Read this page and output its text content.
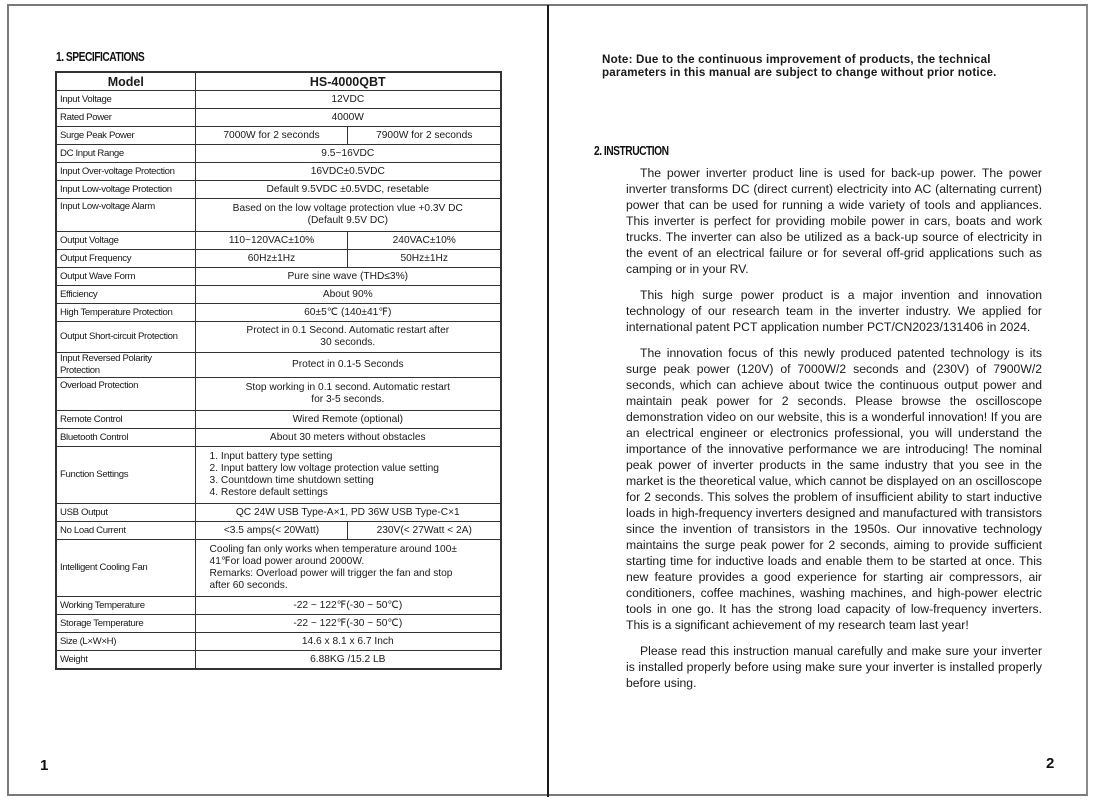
1. SPECIFICATIONS
Model	HS-4000QBT	
Input Voltage	12VDC	

Rated Power	4000W	

Surge Peak Power	7000W for 2 seconds	7900W for 2 seconds
DC Input Range	9.5~16VDC	

Input Over-voltage Protection	16VDC±0.5VDC	

Input Low-voltage Protection	Default 9.5VDC ±0.5VDC, resetable	

Input Low-voltage Alarm	Based on the low voltage protection vlue +0.3V DC
(Default 9.5V DC)	

Output Voltage	110~120VAC±10%	240VAC±10%
Output Frequency	60Hz±1Hz	50Hz±1Hz
Output Wave Form	Pure sine wave (THD≤3%)	

Efficiency	About 90%	

High Temperature Protection	60±5℃ (140±41℉)	

Output Short-circuit Protection	Protect in 0.1 Second. Automatic restart after
30 seconds.	

Input Reversed Polarity Protection	Protect in 0.1-5 Seconds	

Overload Protection	Stop working in 0.1 second. Automatic restart
for 3-5 seconds.	

Remote Control	Wired Remote (optional)	

Bluetooth Control	About 30 meters without obstacles	

Function Settings	1. Input battery type setting
2. Input battery low voltage protection value setting
3. Countdown time shutdown setting
4. Restore default settings	

USB Output	QC 24W USB Type-A×1, PD 36W USB Type-C×1	

No Load Current	<3.5 amps(< 20Watt)	230V(< 27Watt < 2A)
Intelligent Cooling Fan	Cooling fan only works when temperature around 100±
41℉or load power around 2000W.
Remarks: Overload power will trigger the fan and stop
after 60 seconds.	

Working Temperature	-22 ~ 122℉(-30 ~ 50℃)	

Storage Temperature	-22 ~ 122℉(-30 ~ 50℃)	

Size (L×W×H)	14.6 x 8.1 x 6.7 Inch	

Weight	6.88KG /15.2 LB	
1
Note: Due to the continuous improvement of products, the technical parameters in this manual are subject to change without prior notice.
2. INSTRUCTION

The power inverter product line is used for back-up power. The power inverter transforms DC (direct current) electricity into AC (alternating current) power that can be used for running a wide variety of tools and appliances. This inverter is perfect for providing mobile power in cars, boats and work trucks. The inverter can also be utilized as a back-up source of electricity in the event of an electrical failure or for several off-grid applications such as camping or in your RV.

This high surge power product is a major invention and innovation technology of our research team in the inverter industry. We applied for international patent PCT application number PCT/CN2023/131406 in 2024.

The innovation focus of this newly produced patented technology is its surge peak power (120V) of 7000W/2 seconds and (230V) of 7900W/2 seconds, which can achieve about twice the continuous output power and maintain peak power for 2 seconds. Please browse the oscilloscope demonstration video on our website, this is a wonderful innovation! If you are an electrical engineer or electronics professional, you will understand the importance of the innovative performance we are introducing! The nominal peak power of inverter products in the same industry that you see in the market is the theoretical value, which cannot be displayed on an oscilloscope for 2 seconds. This solves the problem of insufficient ability to start inductive loads in high-frequency inverters designed and manufactured with transistors since the invention of transistors in the 1950s. Our innovative technology maintains the surge peak power for 2 seconds, aiming to provide sufficient starting time for inductive loads and enable them to be started at once. This new feature provides a good experience for starting air compressors, air conditioners, coffee machines, washing machines, and high-power electric tools in one go. It has the strong load capacity of low-frequency inverters. This is a significant achievement of my research team last year!

Please read this instruction manual carefully and make sure your inverter is installed properly before using make sure your inverter is installed properly before using.

2
